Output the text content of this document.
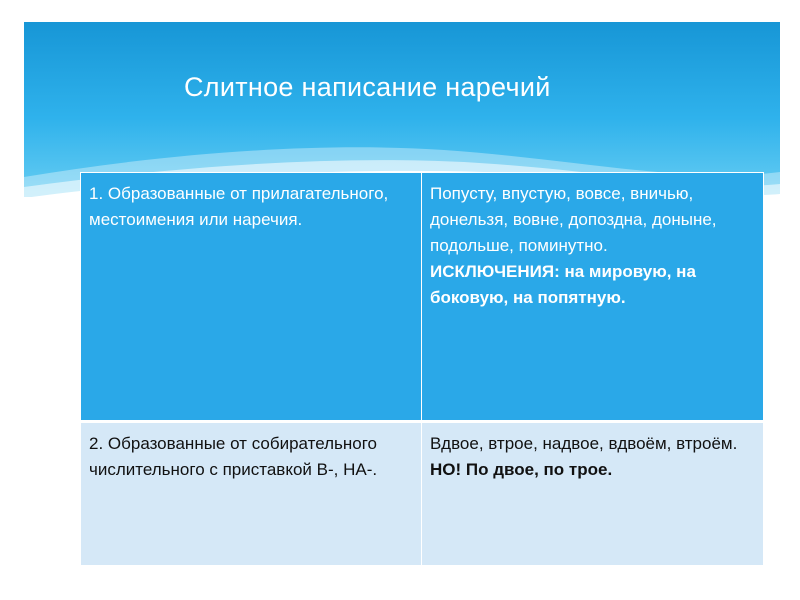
Слитное написание наречий
1. Образованные от прилагательного, местоимения или наречия.	Попусту, впустую, вовсе, вничью, донельзя, вовне, допоздна, доныне, подольше, поминутно.
ИСКЛЮЧЕНИЯ: на мировую, на боковую, на попятную.

2. Образованные от собирательного числительного с приставкой В-, НА-.	Вдвое, втрое, надвое, вдвоём, втроём.
НО! По двое, по трое.
